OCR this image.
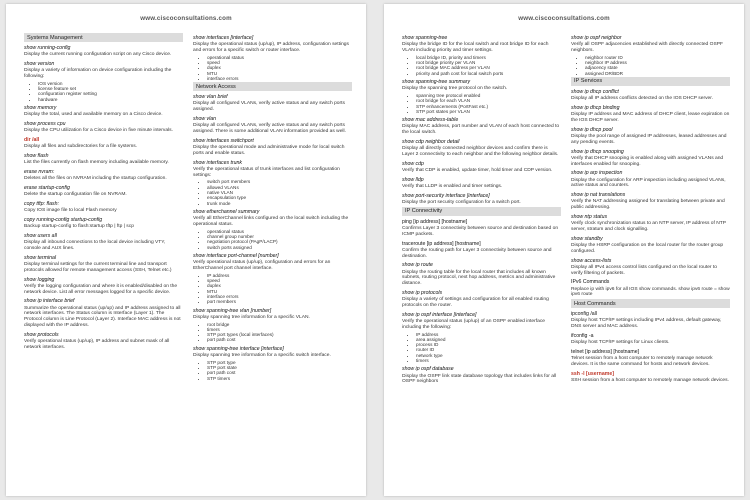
www.ciscoconsultations.com
Systems Management
show running-config

Display the current running configuration script on any Cisco device.

show version

Display a variety of information on device configuration including the following:

• IOS version
• license feature set
• configuration register setting
• hardware
show memory

Display the total, used and available memory on a Cisco device.

show process cpu

Display the CPU utilization for a Cisco device in five minute intervals.

dir /all

Display all files and subdirectories for a file systems.

show flash

List the files currently on flash memory including available memory.

erase nvram:

Deletes all the files on NVRAM including the startup configuration.

erase startup-config

Delete the startup configuration file on NVRAM.

copy tftp: flash:

Copy IOS image file to local Flash memory

copy running-config startup-config

Backup startup-config to flash:startup tftp | ftp | scp

show users all

Display all inbound connections to the local device including VTY, console and AUX lines.

show terminal

Display terminal settings for the current terminal line and transport protocols allowed for remote management access (SSH, Telnet etc.)

show logging

Verify the logging configuration and where it is enabled/disabled on the network device. List all error messages logged for a specific device.

show ip interface brief

Summarize the operational status (up/up) and IP address assigned to all network interfaces. The Status column is Interface (Layer 1). The Protocol column is Line Protocol (Layer 2). Interface MAC address is not displayed with the IP address.

show protocols

Verify operational status (up/up), IP address and subnet mask of all network interfaces.

show interfaces [interface]

Display the operational status (up/up), IP address, configuration settings and errors for a specific switch or router interface.

• operational status
• speed
• duplex
• MTU
• interface errors
Network Access
show vlan brief

Display all configured VLANs, verify active status and any switch ports assigned.

show vlan

Display all configured VLANs, verify active status and any switch ports assigned. There is some additional VLAN information provided as well.

show interfaces switchport

Display the operational mode and administrative mode for local switch ports and enable status.

show interfaces trunk

Verify the operational status of trunk interfaces and list configuration settings:

• switch port members
• allowed VLANs
• native VLAN
• encapsulation type
• trunk mode
show etherchannel summary

Verify all EtherChannel links configured on the local switch including the operational status.

• operational status
• channel group number
• negotiation protocol (PAgP/LACP)
• switch ports assigned
show interface port-channel [number]

Verify operational status (up/up), configuration and errors for an EtherChannel port channel interface.

• IP address
• speed
• duplex
• MTU
• interface errors
• port members
show spanning-tree vlan [number]

Display spanning tree information for a specific VLAN.

• root bridge
• timers
• STP port types (local interfaces)
• port path cost
show spanning-tree interface [interface]

Display spanning tree information for a specific switch interface.

• STP port type
• STP port state
• port path cost
• STP timers
www.ciscoconsultations.com
show spanning-tree

Display the bridge ID for the local switch and root bridge ID for each VLAN including priority and timer settings.

• local bridge ID, priority and timers
• root bridge priority per VLAN
• root bridge MAC address per VLAN
• priority and path cost for local switch ports
show spanning-tree summary

Display the spanning tree protocol on the switch.

• spanning tree protocol enabled
• root bridge for each VLAN
• STP enhancements (PortFast etc.)
• STP port states per VLAN
show mac address-table

Display MAC address, port number and VLAN of each host connected to the local switch.

show cdp neighbor detail

Display all directly connected neighbor devices and confirm there is Layer 2 connectivity to each neighbor and the following neighbor details.

show cdp

Verify that CDP is enabled, update timer, hold timer and CDP version.

show lldp

Verify that LLDP is enabled and timer settings.

show port-security interface [interface]

Display the port security configuration for a switch port.

IP Connectivity
ping [ip address] [hostname]

Confirms Layer 3 connectivity between source and destination based on ICMP packets.

traceroute [ip address] [hostname]

Confirm the routing path for Layer 3 connectivity between source and destination.

show ip route

Display the routing table for the local router that includes all known subnets, routing protocol, next hop address, metrics and administrative distance.

show ip protocols

Display a variety of settings and configuration for all enabled routing protocols on the router.

show ip ospf interface [interface]

Verify the operational status (up/up) of an OSPF enabled interface including the following:

• IP address
• area assigned
• process ID
• router ID
• network type
• timers
show ip ospf database

Display the OSPF link state database topology that includes links for all OSPF neighbors

show ip ospf neighbor

Verify all OSPF adjacencies established with directly connected OSPF neighbors.

• neighbor router ID
• neighbor IP address
• adjacency state
• assigned DR/BDR
IP Services
show ip dhcp conflict

Display all IP address conflicts detected on the IOS DHCP server.

show ip dhcp binding

Display IP address and MAC address of DHCP client, lease expiration on the IOS DHCP server.

show ip dhcp pool

Display the pool range of assigned IP addresses, leased addresses and any pending events.

show ip dhcp snooping

Verify that DHCP snooping is enabled along with assigned VLANs and interfaces enabled for snooping.

show ip arp inspection

Display the configuration for ARP inspection including assigned VLANs, active status and counters.

show ip nat translations

Verify the NAT addressing assigned for translating between private and public addressing.

show ntp status

Verify clock synchronization status to an NTP server, IP address of NTP server, stratum and clock signalling.

show standby

Display the HSRP configuration on the local router for the router group configured.

show access-lists

Display all IPv4 access control lists configured on the local router to verify filtering of packets.

IPv6 Commands

Replace ip with ipv6 for all IOS show commands. show ipv6 route = show ipv6 route

Host Commands
ipconfig /all

Display host TCP/IP settings including IPv4 address, default gateway, DNS server and MAC address.

ifconfig -a

Display host TCP/IP settings for Linux clients.

telnet [ip address] [hostname]

Telnet session from a host computer to remotely manage network devices. It is the same command for hosts and network devices.

ssh -l [username]

SSH session from a host computer to remotely manage network devices.
